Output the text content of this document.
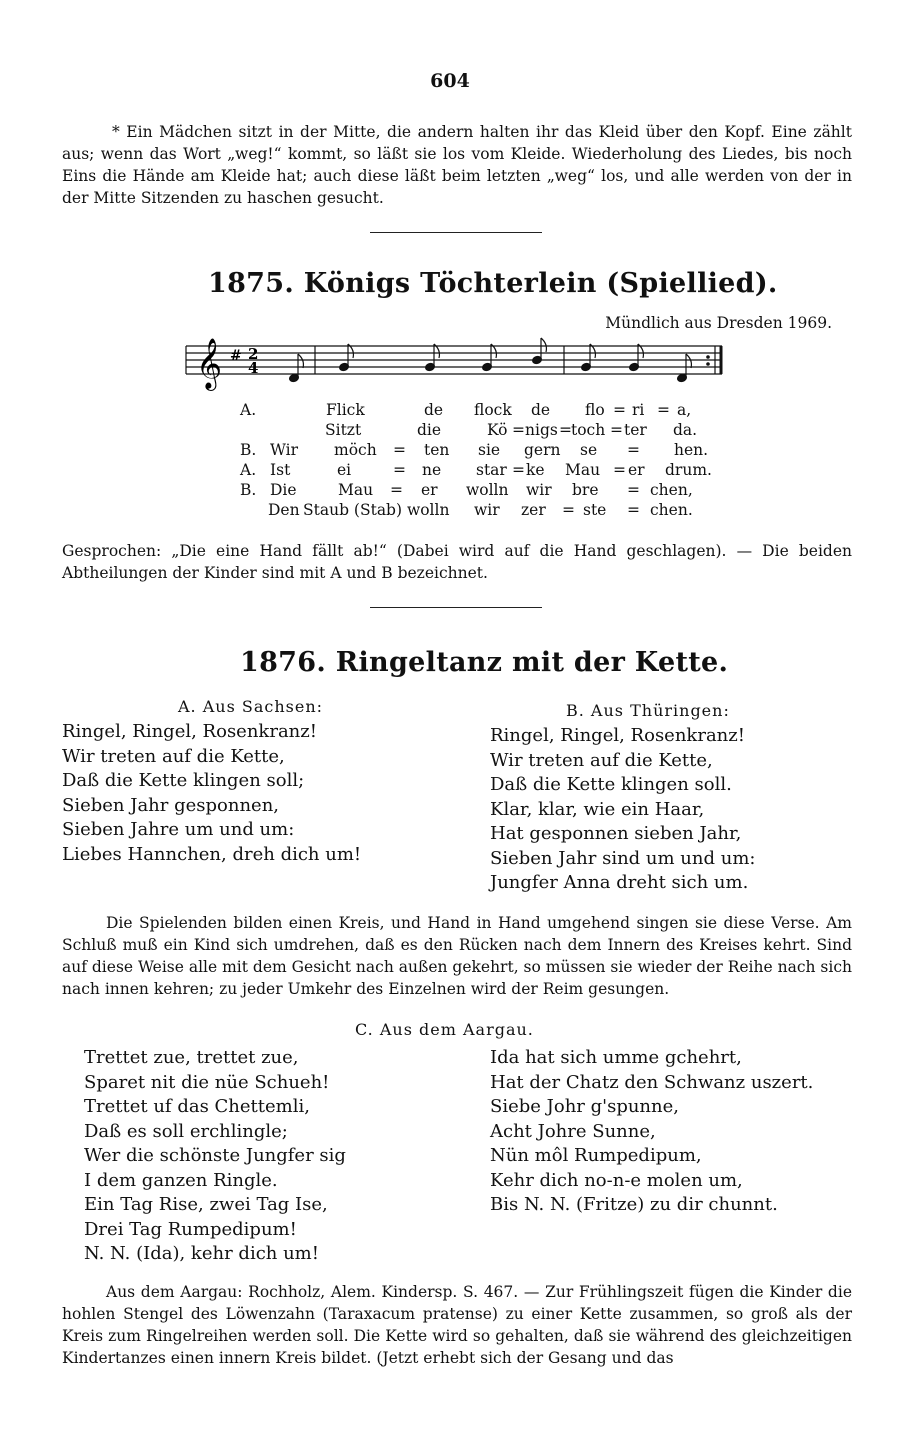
604

* Ein Mädchen sitzt in der Mitte, die andern halten ihr das Kleid über den Kopf. Eine zählt aus; wenn das Wort „weg!“ kommt, so läßt sie los vom Kleide. Wiederholung des Liedes, bis noch Eins die Hände am Kleide hat; auch diese läßt beim letzten „weg“ los, und alle werden von der in der Mitte Sitzenden zu haschen gesucht.

1875. Königs Töchterlein (Spiellied).
Mündlich aus Dresden 1969.
𝄞 # 2
4
A.	Flick	de flock de flo = ri = a,
Sitzt	die	Kö = nigs = toch = ter da.
B. Wir möch = ten sie gern se = hen.
A. Ist	ei	= ne star = ke Mau = er drum.
B. Die	Mau = er wolln wir bre = chen,
Den Staub (Stab) wolln wir zer = ste = chen.

Gesprochen: „Die eine Hand fällt ab!“ (Dabei wird auf die Hand geschlagen). — Die beiden Abtheilungen der Kinder sind mit A und B bezeichnet.

1876. Ringeltanz mit der Kette.
A. Aus Sachsen:
Ringel, Ringel, Rosenkranz!
Wir treten auf die Kette,
Daß die Kette klingen soll;
Sieben Jahr gesponnen,
Sieben Jahre um und um:
Liebes Hannchen, dreh dich um!
B. Aus Thüringen:
Ringel, Ringel, Rosenkranz!
Wir treten auf die Kette,
Daß die Kette klingen soll.
Klar, klar, wie ein Haar,
Hat gesponnen sieben Jahr,
Sieben Jahr sind um und um:
Jungfer Anna dreht sich um.

Die Spielenden bilden einen Kreis, und Hand in Hand umgehend singen sie diese Verse. Am Schluß muß ein Kind sich umdrehen, daß es den Rücken nach dem Innern des Kreises kehrt. Sind auf diese Weise alle mit dem Gesicht nach außen gekehrt, so müssen sie wieder der Reihe nach sich nach innen kehren; zu jeder Umkehr des Einzelnen wird der Reim gesungen.

C. Aus dem Aargau.
Trettet zue, trettet zue,
Sparet nit die nüe Schueh!
Trettet uf das Chettemli,
Daß es soll erchlingle;
Wer die schönste Jungfer sig
I dem ganzen Ringle.
Ein Tag Rise, zwei Tag Ise,
Drei Tag Rumpedipum!
N. N. (Ida), kehr dich um!
Ida hat sich umme gchehrt,
Hat der Chatz den Schwanz uszert.
Siebe Johr g'spunne,
Acht Johre Sunne,
Nün môl Rumpedipum,
Kehr dich no-n-e molen um,
Bis N. N. (Fritze) zu dir chunnt.

Aus dem Aargau: Rochholz, Alem. Kindersp. S. 467. — Zur Frühlingszeit fügen die Kinder die hohlen Stengel des Löwenzahn (Taraxacum pratense) zu einer Kette zusammen, so groß als der Kreis zum Ringelreihen werden soll. Die Kette wird so gehalten, daß sie während des gleichzeitigen Kindertanzes einen innern Kreis bildet. (Jetzt erhebt sich der Gesang und das
